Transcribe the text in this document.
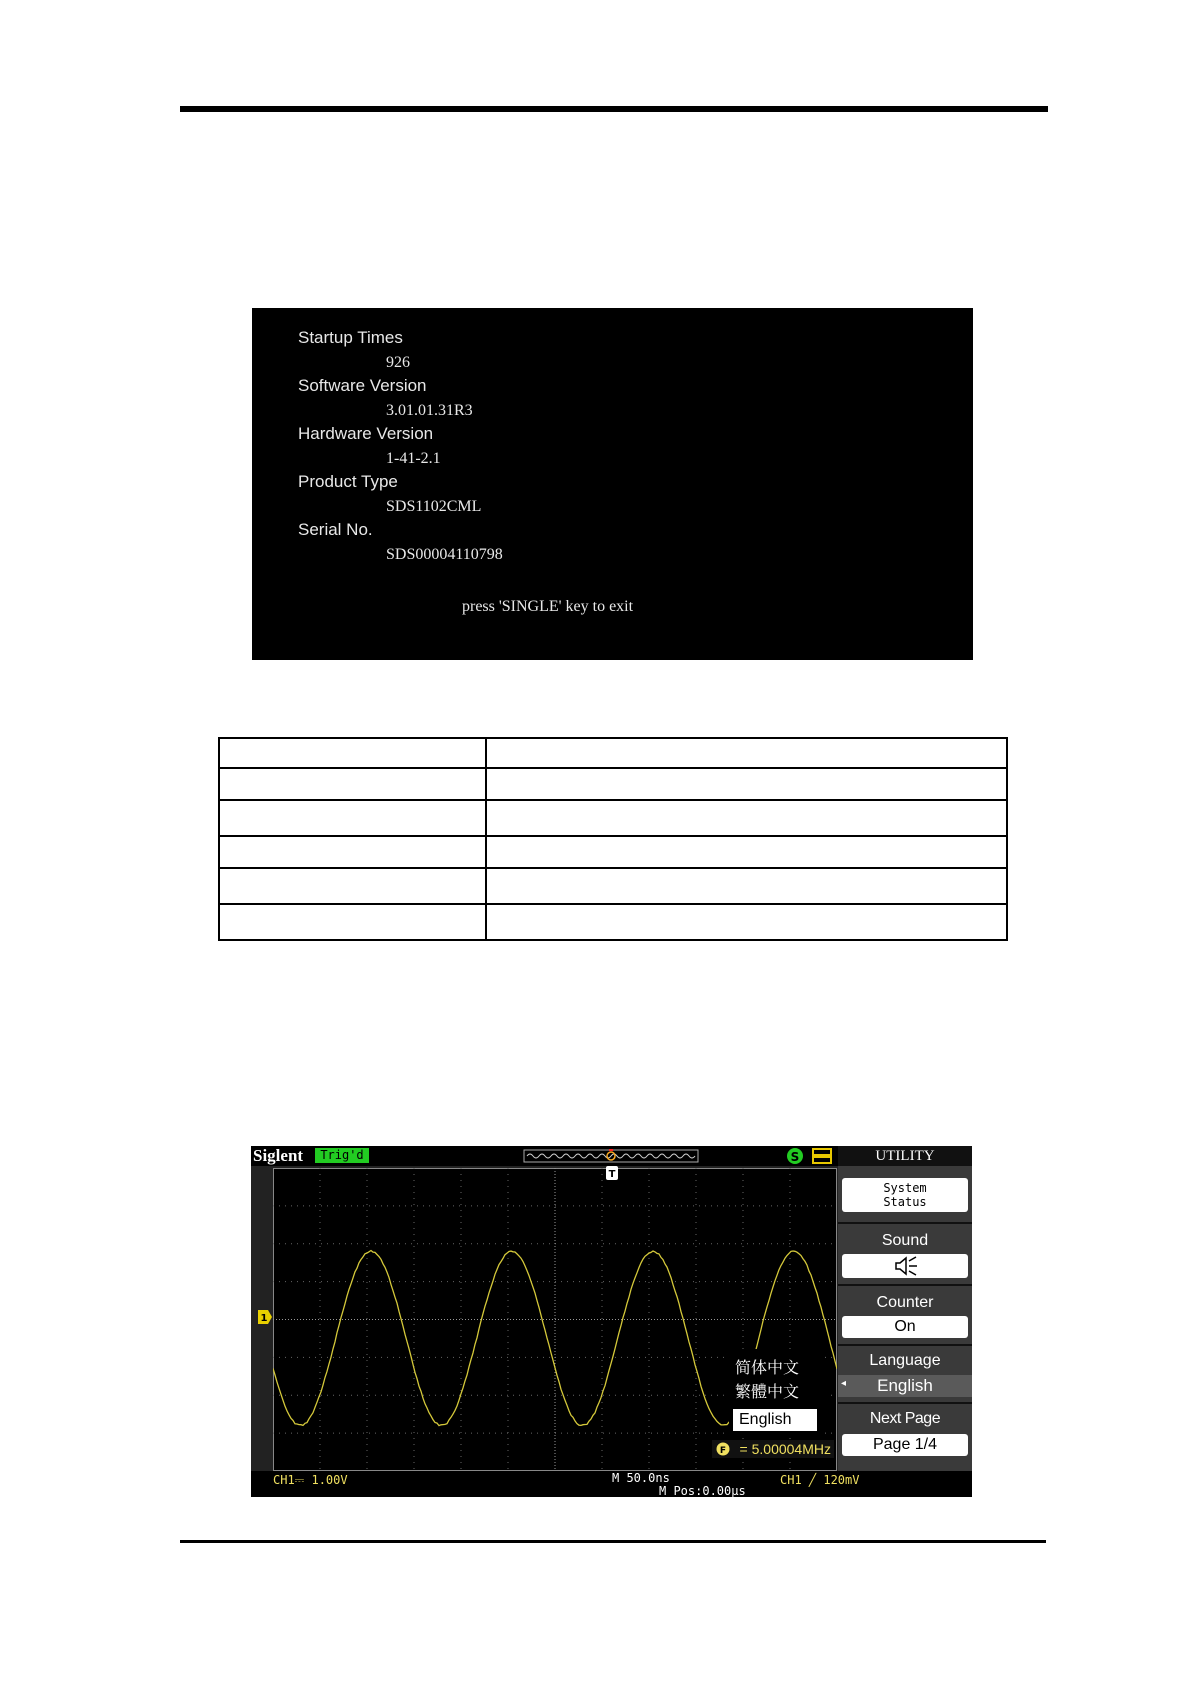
Startup Times
926
Software Version
3.01.01.31R3
Hardware Version
1-41-2.1
Product Type
SDS1102CML
Serial No.
SDS00004110798
press 'SINGLE' key to exit

Siglent	Trig'd	S	UTILITY
T
1
System
Status
Sound
Counter
On
Language
◂	English
Next Page
Page 1/4
简体中文
繁體中文
English
F = 5.00004MHz
CH1⎓ 1.00V	M 50.0ns
M Pos:0.00μs
CH1 ╱ 120mV
